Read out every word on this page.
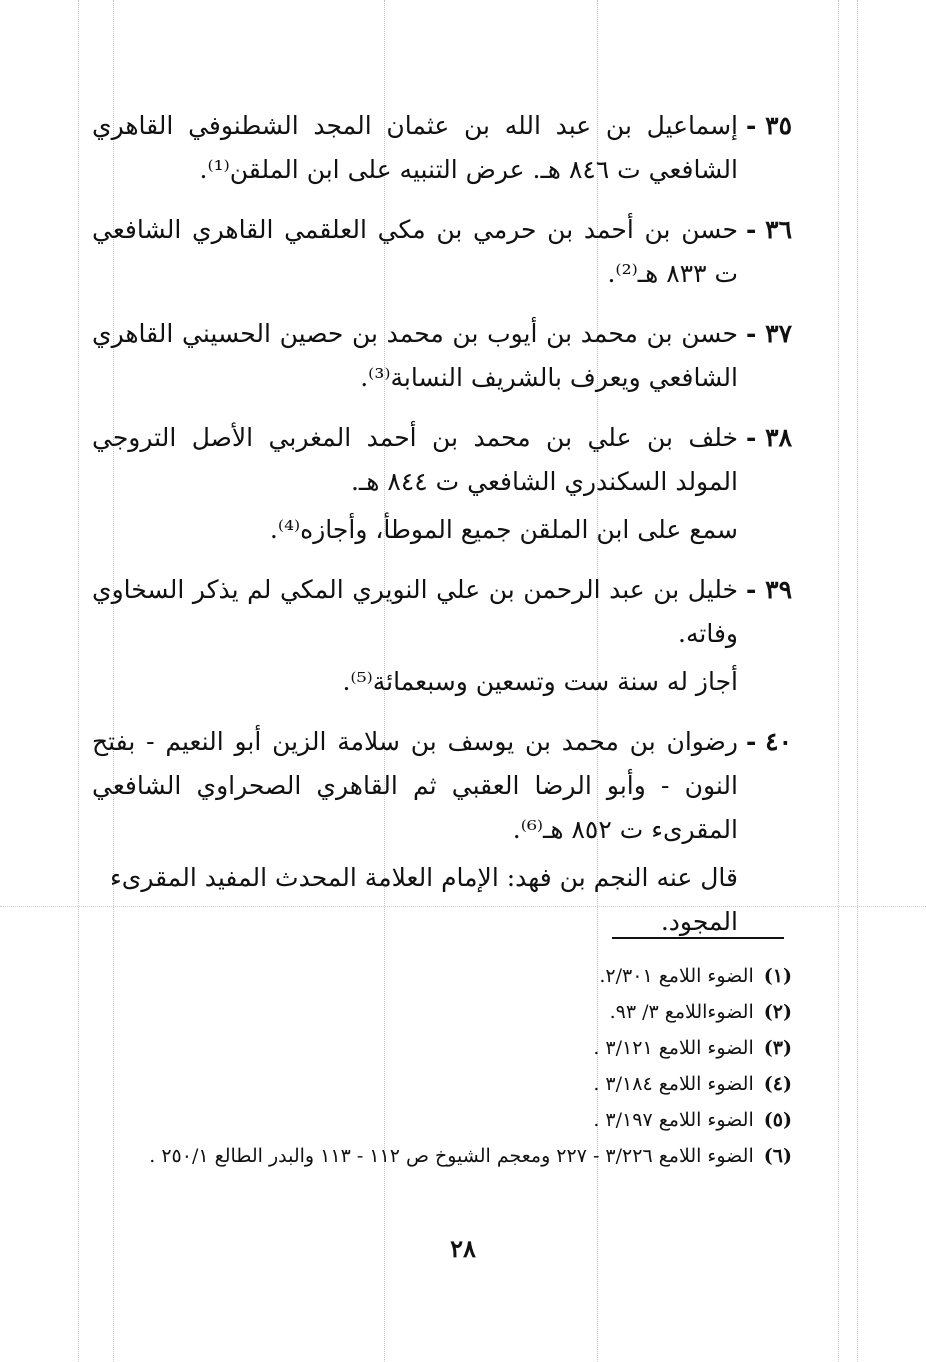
٣٥ -

إسماعيل بن عبد الله بن عثمان المجد الشطنوفي القاهري الشافعي ت ٨٤٦ هـ. عرض التنبيه على ابن الملقن⁽¹⁾.

٣٦ -

حسن بن أحمد بن حرمي بن مكي العلقمي القاهري الشافعي ت ٨٣٣ هـ⁽²⁾.

٣٧ -

حسن بن محمد بن أيوب بن محمد بن حصين الحسيني القاهري الشافعي ويعرف بالشريف النسابة⁽³⁾.

٣٨ -

خلف بن علي بن محمد بن أحمد المغربي الأصل التروجي المولد السكندري الشافعي ت ٨٤٤ هـ.

سمع على ابن الملقن جميع الموطأ، وأجازه⁽⁴⁾.

٣٩ -

خليل بن عبد الرحمن بن علي النويري المكي لم يذكر السخاوي وفاته.

أجاز له سنة ست وتسعين وسبعمائة⁽⁵⁾.

٤٠ -

رضوان بن محمد بن يوسف بن سلامة الزين أبو النعيم - بفتح النون - وأبو الرضا العقبي ثم القاهري الصحراوي الشافعي المقرىء ت ٨٥٢ هـ⁽⁶⁾.

قال عنه النجم بن فهد: الإمام العلامة المحدث المفيد المقرىء المجود.

(١) الضوء اللامع ٢/٣٠١.

(٢) الضوءاللامع ٣/ ٩٣.

(٣) الضوء اللامع ٣/١٢١ .

(٤) الضوء اللامع ٣/١٨٤ .

(٥) الضوء اللامع ٣/١٩٧ .

(٦) الضوء اللامع ٣/٢٢٦ - ٢٢٧ ومعجم الشيوخ ص ١١٢ - ١١٣ والبدر الطالع ٢٥٠/١ .

٢٨
